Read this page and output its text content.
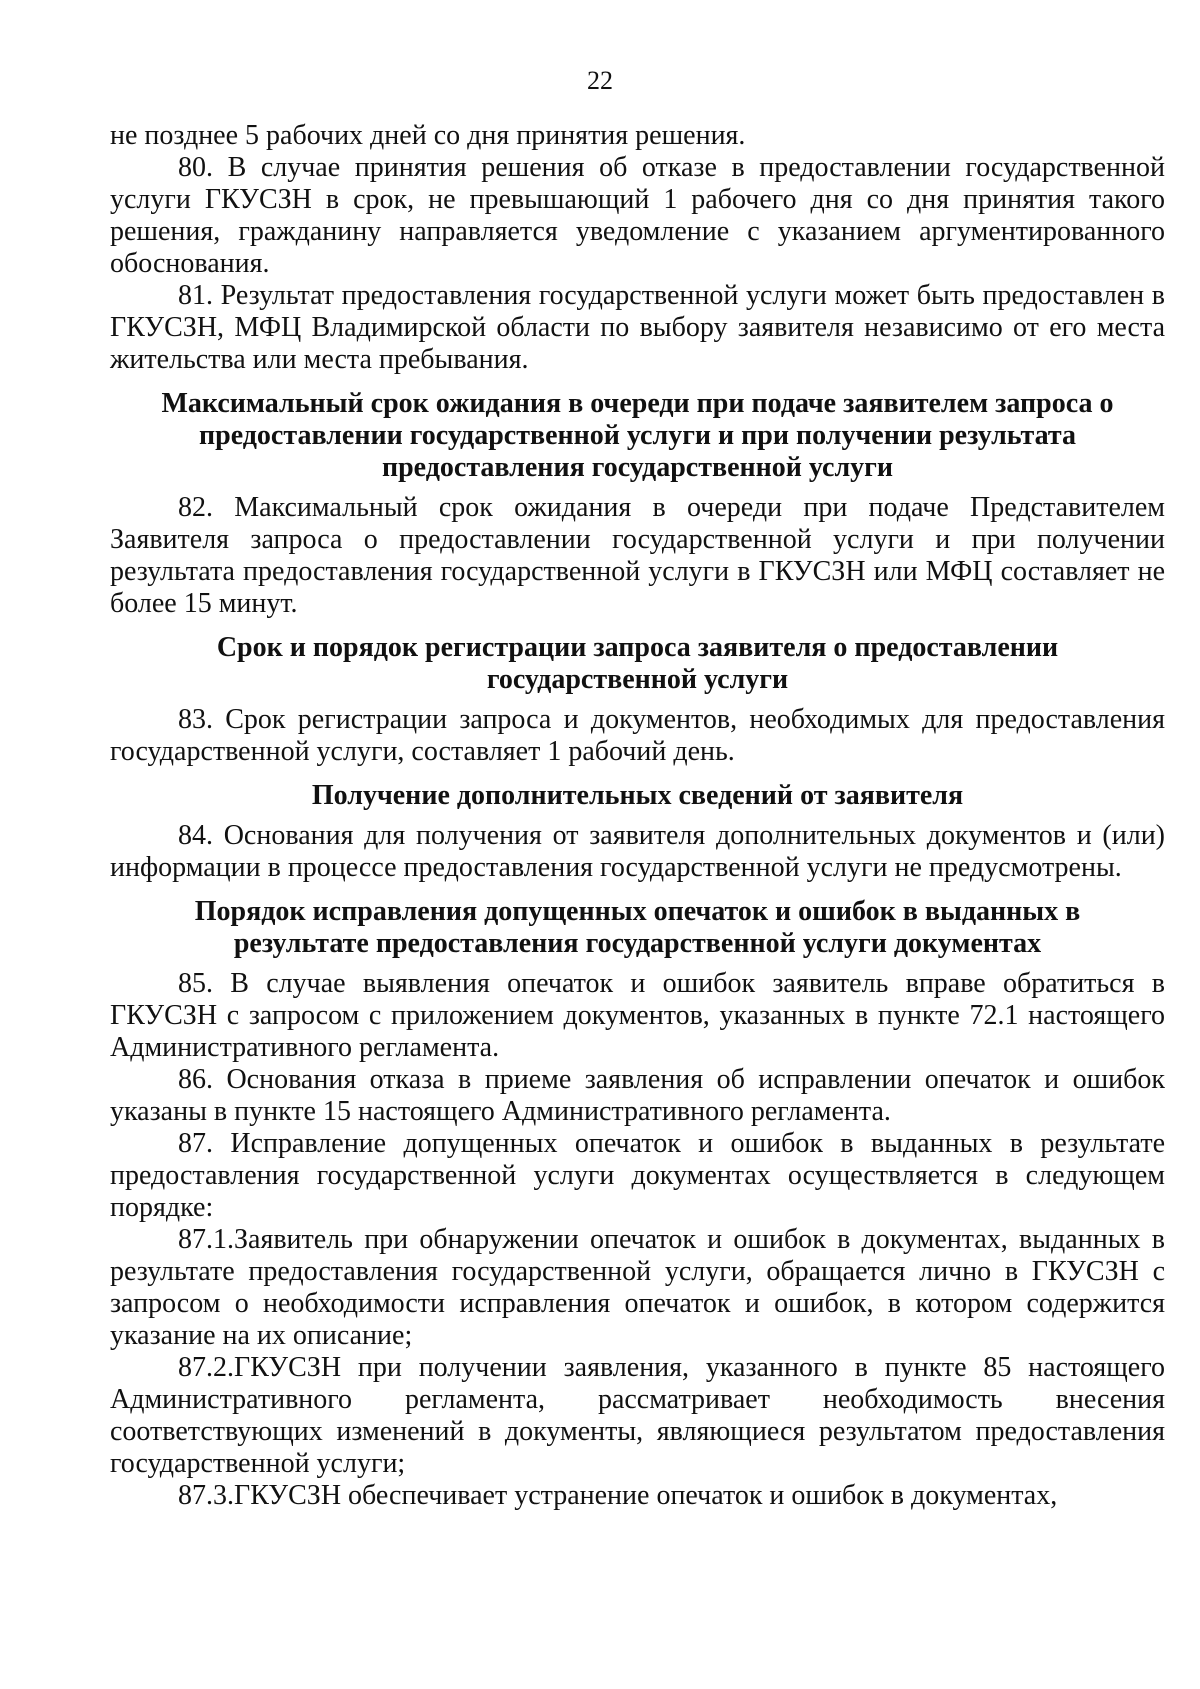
22

не позднее 5 рабочих дней со дня принятия решения.

80. В случае принятия решения об отказе в предоставлении государственной услуги ГКУСЗН в срок, не превышающий 1 рабочего дня со дня принятия такого решения, гражданину направляется уведомление с указанием аргументированного обоснования.

81. Результат предоставления государственной услуги может быть предоставлен в ГКУСЗН, МФЦ Владимирской области по выбору заявителя независимо от его места жительства или места пребывания.

Максимальный срок ожидания в очереди при подаче заявителем запроса о предоставлении государственной услуги и при получении результата предоставления государственной услуги

82. Максимальный срок ожидания в очереди при подаче Представителем Заявителя запроса о предоставлении государственной услуги и при получении результата предоставления государственной услуги в ГКУСЗН или МФЦ составляет не более 15 минут.

Срок и порядок регистрации запроса заявителя о предоставлении государственной услуги

83. Срок регистрации запроса и документов, необходимых для предоставления государственной услуги, составляет 1 рабочий день.

Получение дополнительных сведений от заявителя

84. Основания для получения от заявителя дополнительных документов и (или) информации в процессе предоставления государственной услуги не предусмотрены.

Порядок исправления допущенных опечаток и ошибок в выданных в результате предоставления государственной услуги документах

85. В случае выявления опечаток и ошибок заявитель вправе обратиться в ГКУСЗН с запросом с приложением документов, указанных в пункте 72.1 настоящего Административного регламента.

86. Основания отказа в приеме заявления об исправлении опечаток и ошибок указаны в пункте 15 настоящего Административного регламента.

87. Исправление допущенных опечаток и ошибок в выданных в результате предоставления государственной услуги документах осуществляется в следующем порядке:

87.1.Заявитель при обнаружении опечаток и ошибок в документах, выданных в результате предоставления государственной услуги, обращается лично в ГКУСЗН с запросом о необходимости исправления опечаток и ошибок, в котором содержится указание на их описание;

87.2.ГКУСЗН при получении заявления, указанного в пункте 85 настоящего Административного регламента, рассматривает необходимость внесения соответствующих изменений в документы, являющиеся результатом предоставления государственной услуги;

87.3.ГКУСЗН обеспечивает устранение опечаток и ошибок в документах,
